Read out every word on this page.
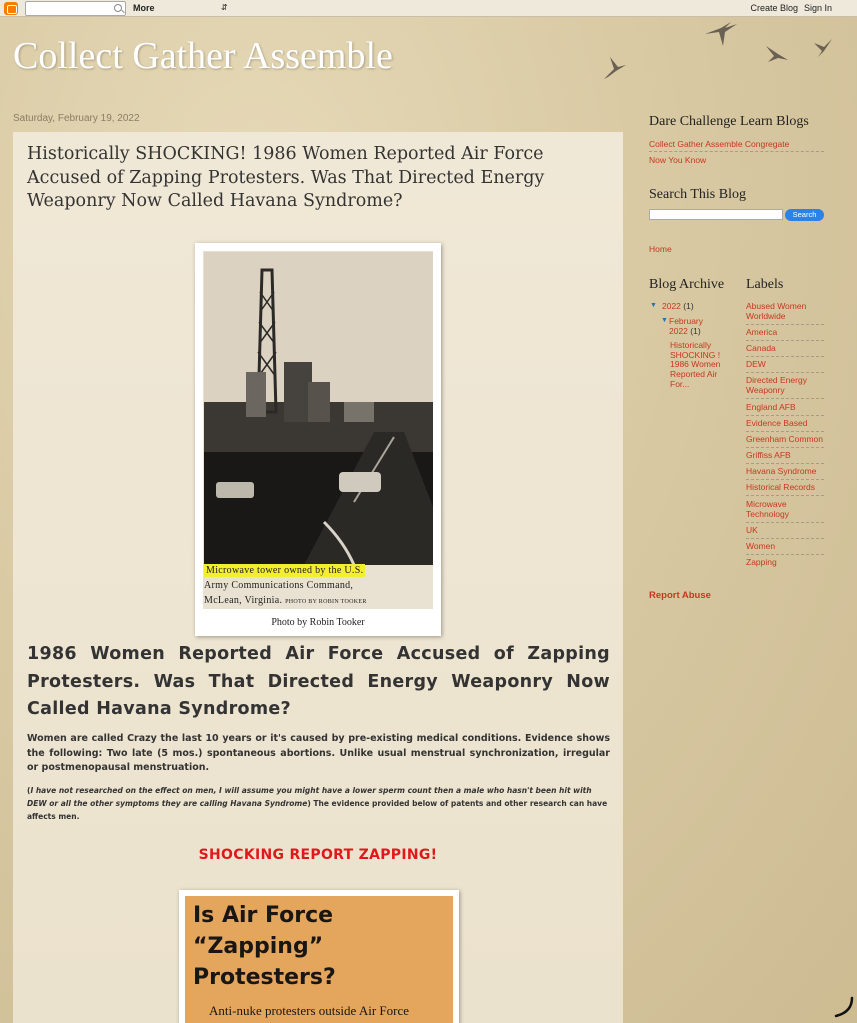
More	⇵	Create Blog Sign In
Collect Gather Assemble
Saturday, February 19, 2022
Historically SHOCKING! 1986 Women Reported Air Force Accused of Zapping Protesters. Was That Directed Energy Weaponry Now Called Havana Syndrome?
Microwave tower owned by the U.S.
Army Communications Command,
McLean, Virginia. PHOTO BY ROBIN TOOKER
Photo by Robin Tooker
1986 Women Reported Air Force Accused of Zapping Protesters. Was That Directed Energy Weaponry Now Called Havana Syndrome?
Women are called Crazy the last 10 years or it's caused by pre-existing medical conditions. Evidence shows the following: Two late (5 mos.) spontaneous abortions. Unlike usual menstrual synchronization, irregular or postmenopausal menstruation.
(I have not researched on the effect on men, I will assume you might have a lower sperm count then a male who hasn't been hit with DEW or all the other symptoms they are calling Havana Syndrome) The evidence provided below of patents and other research can have affects men.
SHOCKING REPORT ZAPPING!
Is Air Force
“Zapping”
Protesters?
Anti-nuke protesters outside Air Force
Dare Challenge Learn Blogs
Collect Gather Assemble Congregate
Now You Know
Search This Blog
Search
Home
Blog Archive
▼ 2022 (1)
▼ February 2022 (1)
Historically SHOCKING ! 1986 Women Reported Air For...
Labels
Abused Women Worldwide
America
Canada
DEW
Directed Energy Weaponry
England AFB
Evidence Based
Greenham Common
Griffiss AFB
Havana Syndrome
Historical Records
Microwave Technology
UK
Women
Zapping
Report Abuse
